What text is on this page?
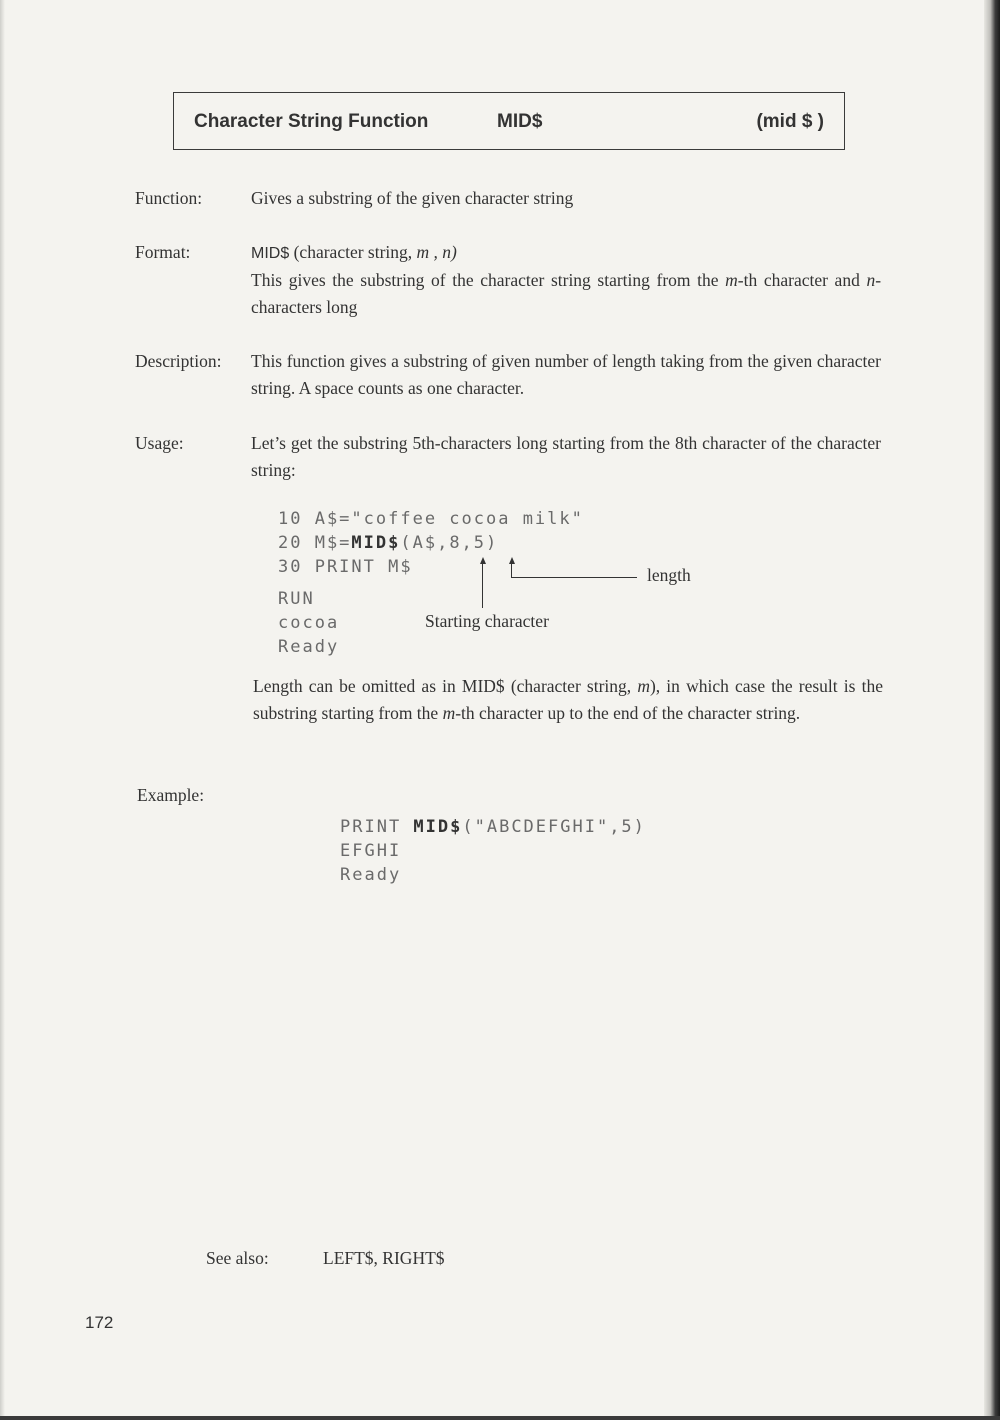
Character String Function	MID$	(mid $ )
Function:	Gives a substring of the given character string
Format:	MID$ (character string, m , n)
This gives the substring of the character string starting from the m-th character and n-characters long
Description: This function gives a substring of given number of length taking from the given character string. A space counts as one character.
Usage:	Let’s get the substring 5th-characters long starting from the 8th character of the character string:
10 A$="coffee cocoa milk"
20 M$=MID$(A$,8,5)
30 PRINT M$
RUN
cocoa
Ready
length
Starting character
Length can be omitted as in MID$ (character string, m), in which case the result is the substring starting from the m-th character up to the end of the character string.
Example:
PRINT MID$("ABCDEFGHI",5)
EFGHI
Ready
See also:	LEFT$, RIGHT$
172
